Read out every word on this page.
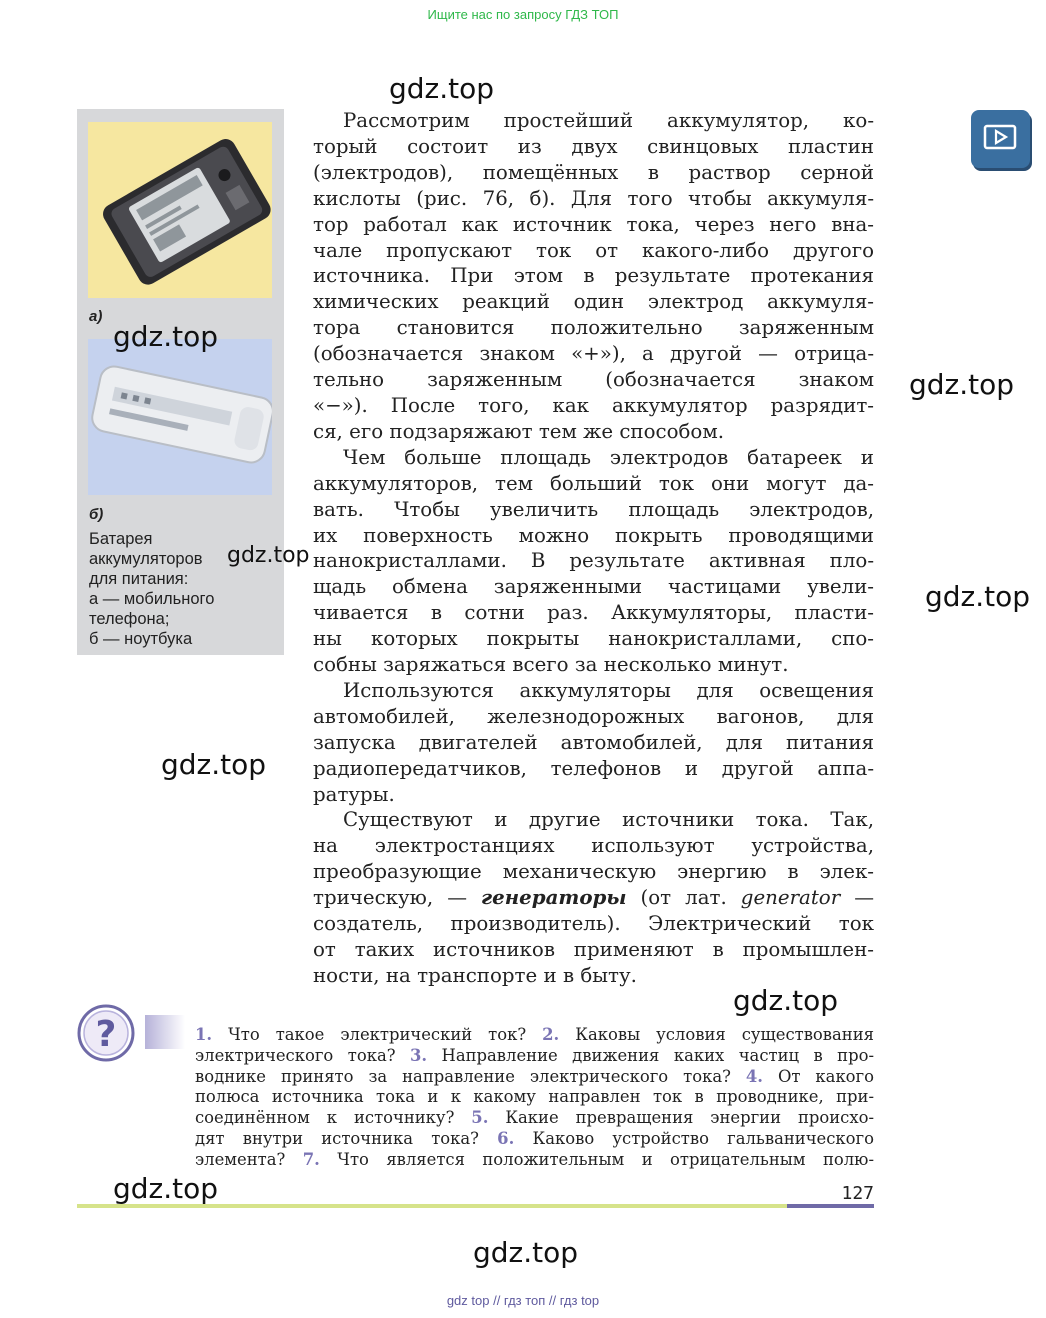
Ищите нас по запросу ГДЗ ТОП
а)
б)
Батарея
аккумуляторов
для питания:
а — мобильного
телефона;
б — ноутбука
Рассмотрим простейший аккумулятор, ко-
торый состоит из двух свинцовых пластин
(электродов), помещённых в раствор серной
кислоты (рис. 76, б). Для того чтобы аккумуля-
тор работал как источник тока, через него вна-
чале пропускают ток от какого-либо другого
источника. При этом в результате протекания
химических реакций один электрод аккумуля-
тора становится положительно заряженным
(обозначается знаком «+»), а другой — отрица-
тельно заряженным (обозначается знаком
«−»). После того, как аккумулятор разрядит-
ся, его подзаряжают тем же способом.
Чем больше площадь электродов батареек и
аккумуляторов, тем больший ток они могут да-
вать. Чтобы увеличить площадь электродов,
их поверхность можно покрыть проводящими
нанокристаллами. В результате активная пло-
щадь обмена заряженными частицами увели-
чивается в сотни раз. Аккумуляторы, пласти-
ны которых покрыты нанокристаллами, спо-
собны заряжаться всего за несколько минут.
Используются аккумуляторы для освещения
автомобилей, железнодорожных вагонов, для
запуска двигателей автомобилей, для питания
радиопередатчиков, телефонов и другой аппа-
ратуры.
Существуют и другие источники тока. Так,
на электростанциях используют устройства,
преобразующие механическую энергию в элек-
трическую, — генераторы (от лат. generator —
создатель, производитель). Электрический ток
от таких источников применяют в промышлен-
ности, на транспорте и в быту.
?	1. Что такое электрический ток? 2. Каковы условия существования
электрического тока? 3. Направление движения каких частиц в про-
воднике принято за направление электрического тока? 4. От какого
полюса источника тока и к какому направлен ток в проводнике, при-
соединённом к источнику? 5. Какие превращения энергии происхо-
дят внутри источника тока? 6. Каково устройство гальванического
элемента? 7. Что является положительным и отрицательным полю-
127
gdz.top
gdz.top
gdz.top
gdz.top
gdz.top
gdz.top
gdz.top
gdz.top
gdz.top
gdz top // гдз топ // гдз top
